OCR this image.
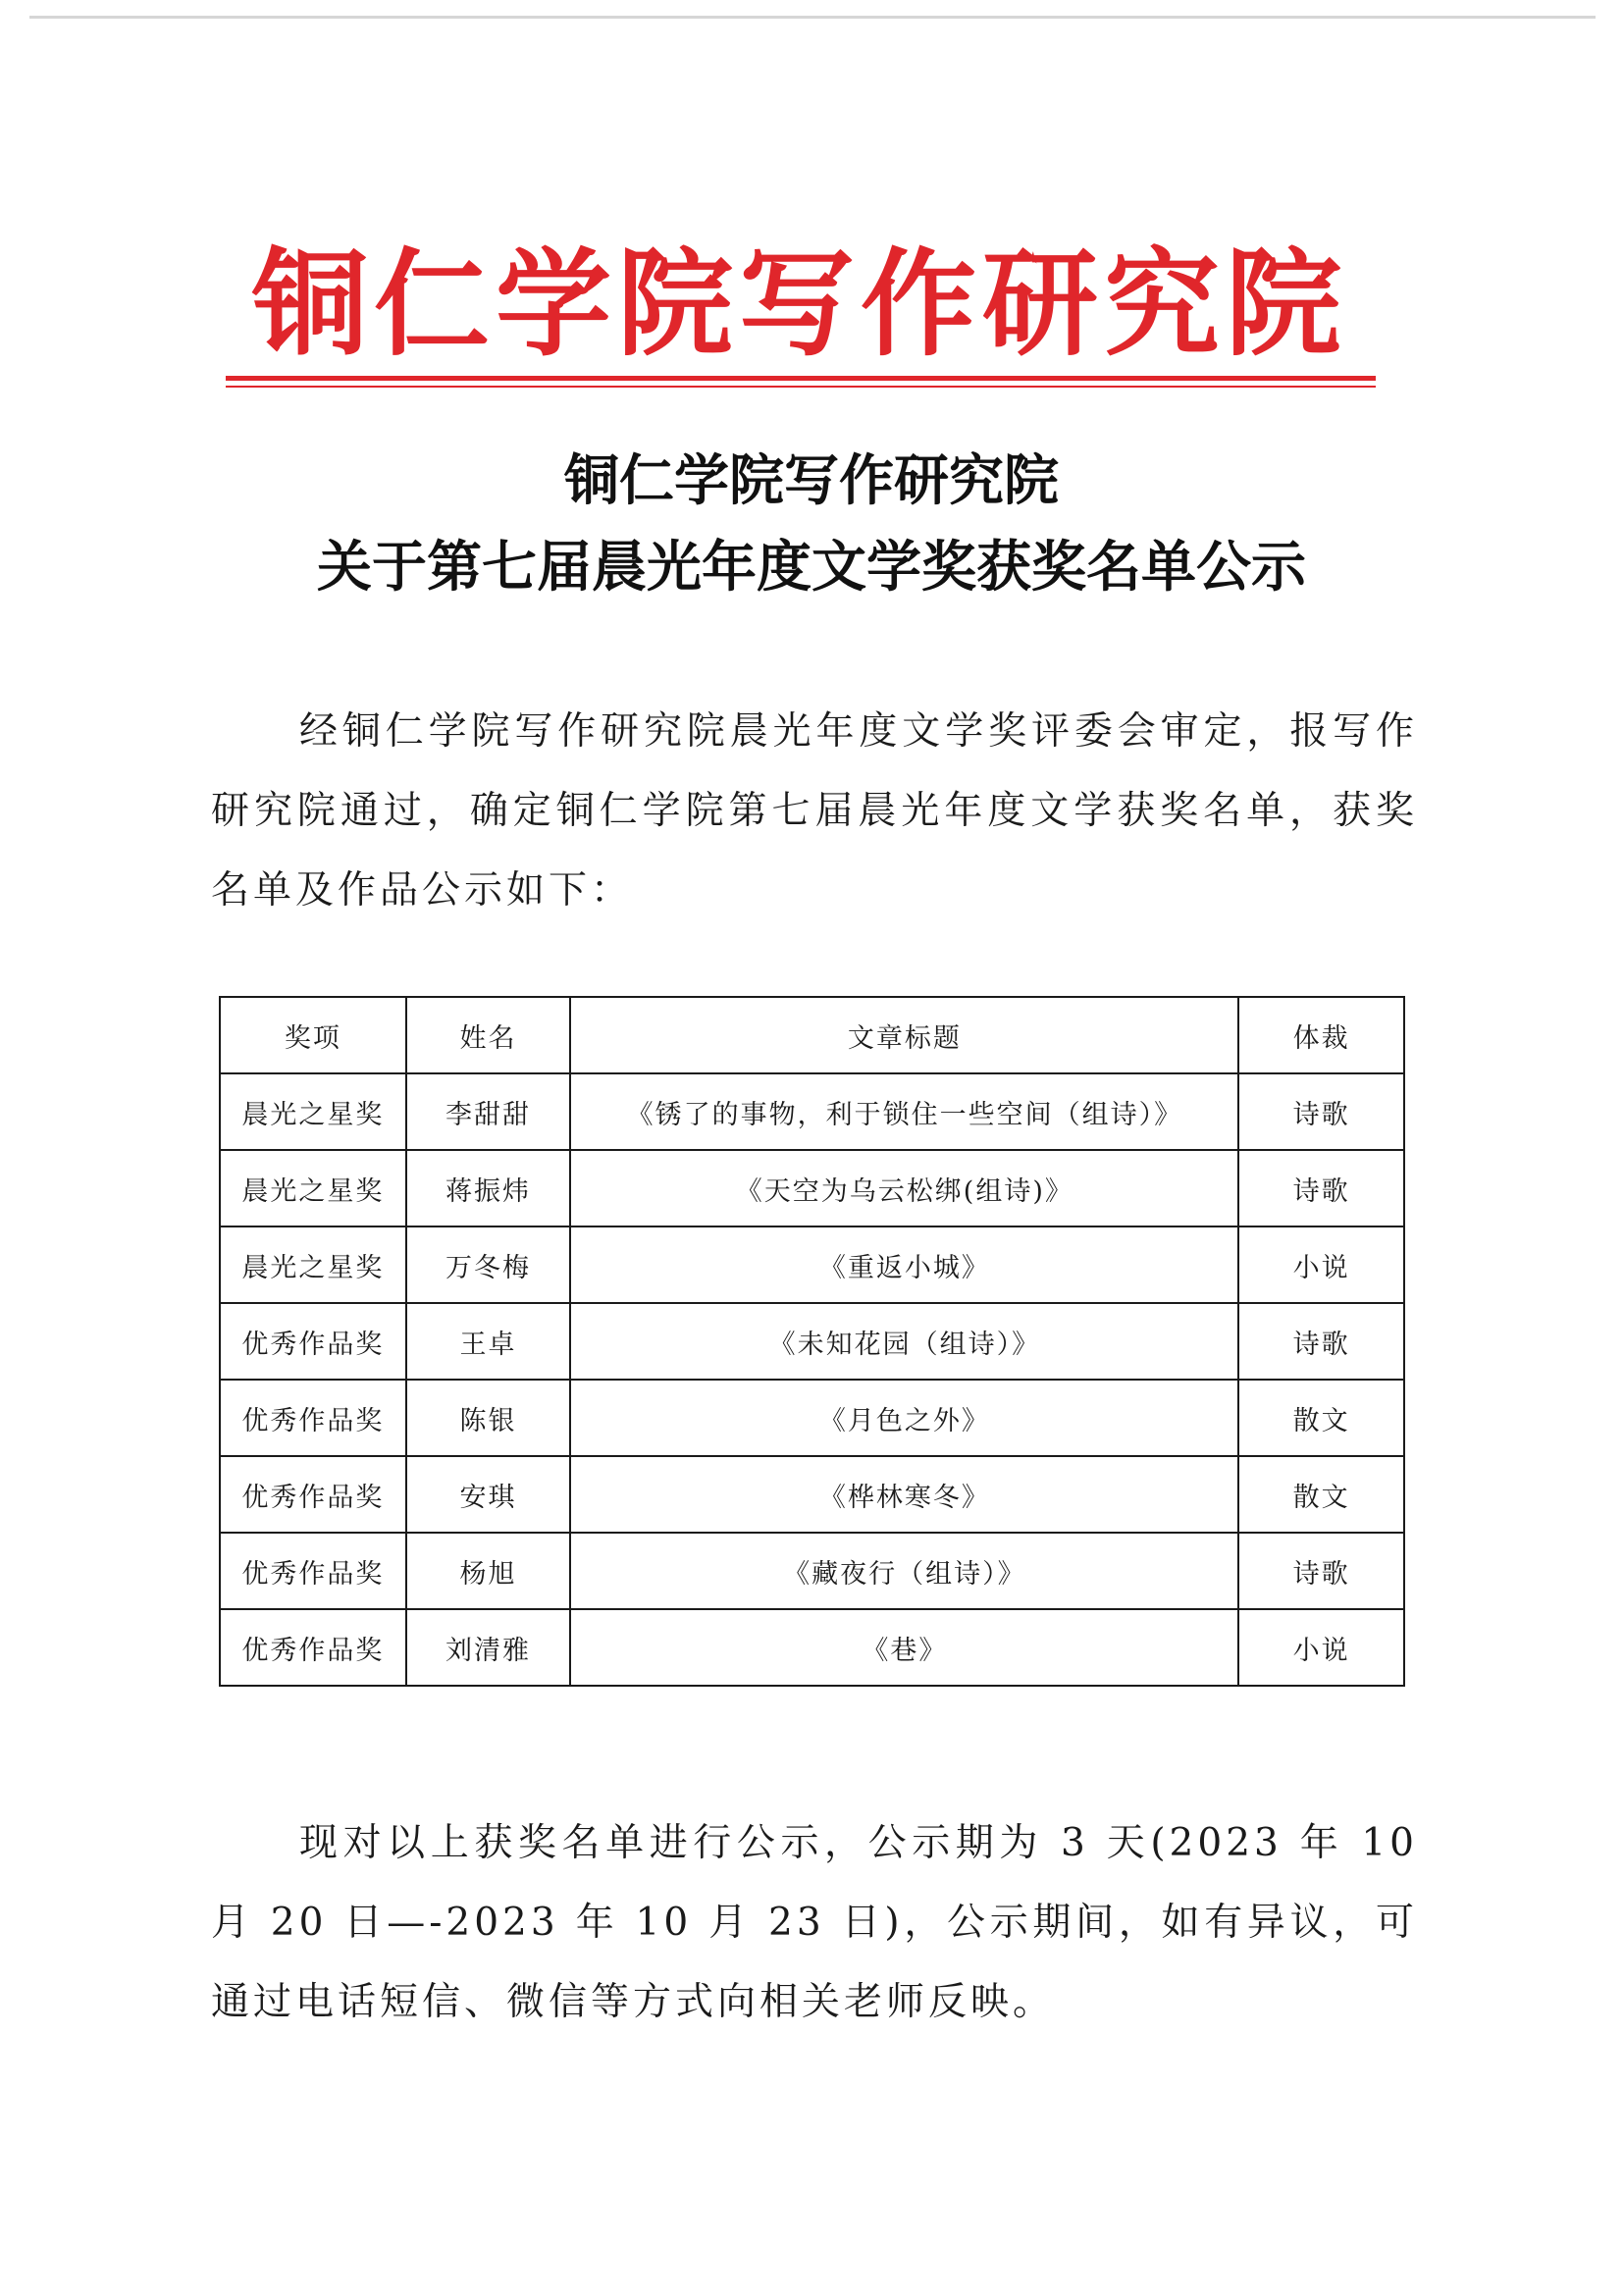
铜仁学院写作研究院
铜仁学院写作研究院
关于第七届晨光年度文学奖获奖名单公示
经铜仁学院写作研究院晨光年度文学奖评委会审定，报写作研究院通过，确定铜仁学院第七届晨光年度文学获奖名单，获奖名单及作品公示如下：
奖项	姓名	文章标题	体裁
晨光之星奖	李甜甜	《锈了的事物，利于锁住一些空间（组诗）》	诗歌
晨光之星奖	蒋振炜	《天空为乌云松绑(组诗)》	诗歌
晨光之星奖	万冬梅	《重返小城》	小说
优秀作品奖	王卓	《未知花园（组诗）》	诗歌
优秀作品奖	陈银	《月色之外》	散文
优秀作品奖	安琪	《桦林寒冬》	散文
优秀作品奖	杨旭	《藏夜行（组诗）》	诗歌
优秀作品奖	刘清雅	《巷》	小说
现对以上获奖名单进行公示，公示期为 3 天(2023 年 10 月 20 日—-2023 年 10 月 23 日)，公示期间，如有异议，可通过电话短信、微信等方式向相关老师反映。
